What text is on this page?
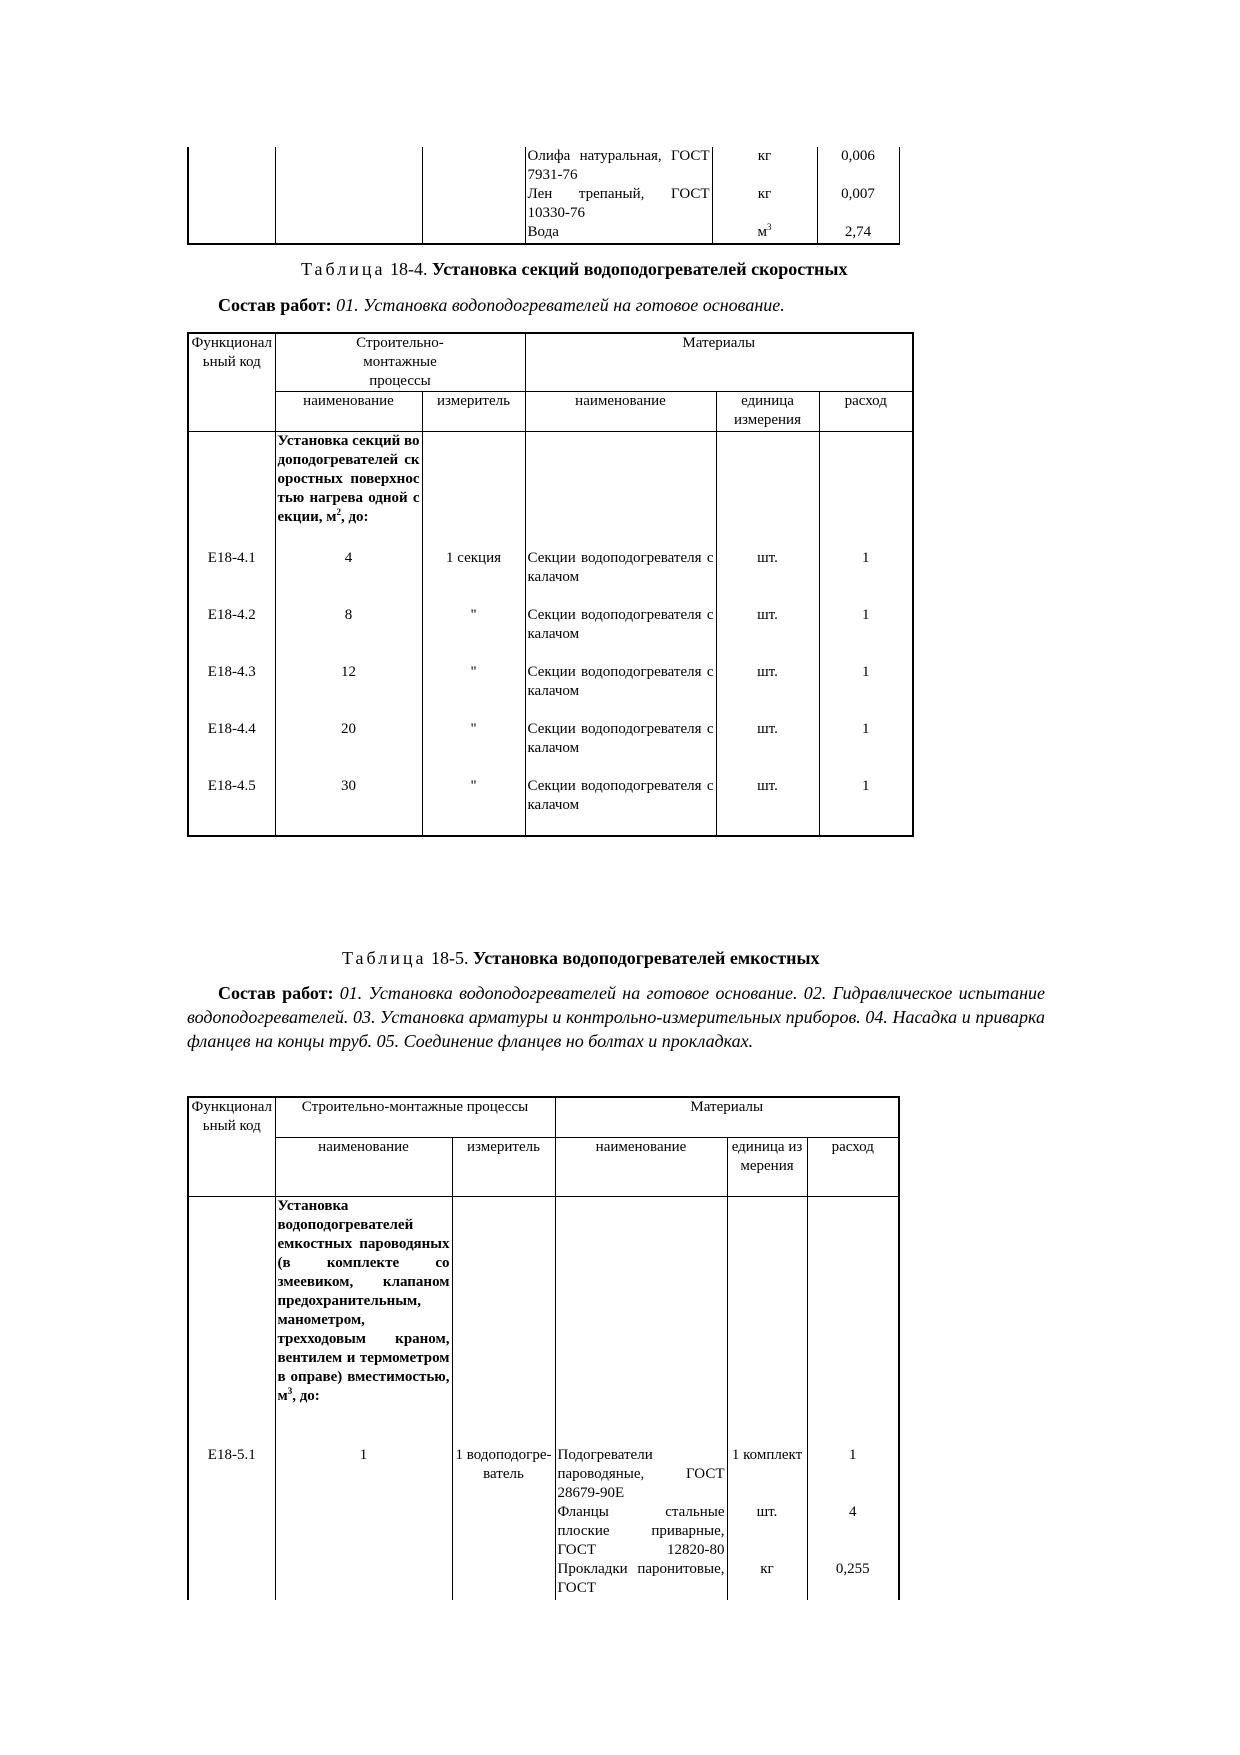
			Олифа натуральная, ГОСТ 7931-76	кг	0,006
			Лен трепаный, ГОСТ 10330-76	кг	0,007
			Вода	$м^3$	2,74
Таблица 18-4. Установка секций водоподогревателей скоростных
Состав работ: 01. Установка водоподогревателей на готовое основание.
Функциональный код	Строительно-монтажные процессы		Материалы		
	наименование	измеритель	наименование	единица измерения	расход
	Установка секций водоподогревателей скоростных поверхностью нагрева одной секции, $м^2$, до:				
E18-4.1	4	1 секция	Секции водоподогревателя с калачом	шт.	1
E18-4.2	8	"	Секции водоподогревателя с калачом	шт.	1
E18-4.3	12	"	Секции водоподогревателя с калачом	шт.	1
E18-4.4	20	"	Секции водоподогревателя с калачом	шт.	1
E18-4.5	30	"	Секции водоподогревателя с калачом	шт.	1
Таблица 18-5. Установка водоподогревателей емкостных
Состав работ: 01. Установка водоподогревателей на готовое основание. 02. Гидравлическое испытание водоподогревателей. 03. Установка арматуры и контрольно-измерительных приборов. 04. Насадка и приварка фланцев на концы труб. 05. Соединение фланцев но болтах и прокладках.
Функциональный код	Строительно-монтажные процессы		Материалы		
	наименование	измеритель	наименование	единица измерения	расход
	Установка водоподогревателей емкостных пароводяных (в комплекте со змеевиком, клапаном предохранительным, манометром, трехходовым краном, вентилем и термометром в оправе) вместимостью, $м^3$, до:				
E18-5.1	1	1 водоподогре-ватель	Подогреватели пароводяные, ГОСТ 28679-90Е	1 комплект	1
			Фланцы стальные плоские приварные, ГОСТ 12820-80	шт.	4
			Прокладки паронитовые, ГОСТ	кг	0,255
